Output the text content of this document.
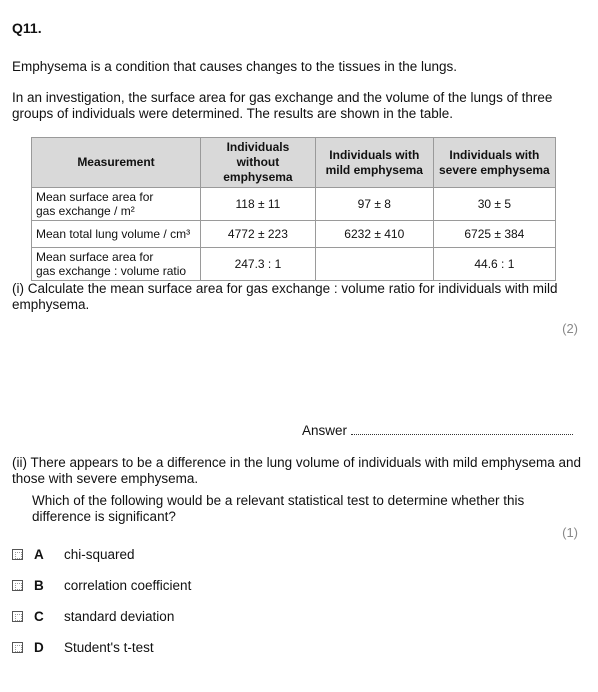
Q11.
Emphysema is a condition that causes changes to the tissues in the lungs.
In an investigation, the surface area for gas exchange and the volume of the lungs of three groups of individuals were determined. The results are shown in the table.
Measurement	Individuals without emphysema	Individuals with mild emphysema	Individuals with severe emphysema

Mean surface area for
gas exchange / m²	118 ± 11	97 ± 8	30 ± 5

Mean total lung volume / cm³	4772 ± 223	6232 ± 410	6725 ± 384

Mean surface area for
gas exchange : volume ratio	247.3 : 1		44.6 : 1
(i) Calculate the mean surface area for gas exchange : volume ratio for individuals with mild emphysema.
(2)
Answer
(ii) There appears to be a difference in the lung volume of individuals with mild emphysema and those with severe emphysema.
Which of the following would be a relevant statistical test to determine whether this difference is significant?
(1)
A	chi-squared
B	correlation coefficient
C	standard deviation
D	Student's t-test
